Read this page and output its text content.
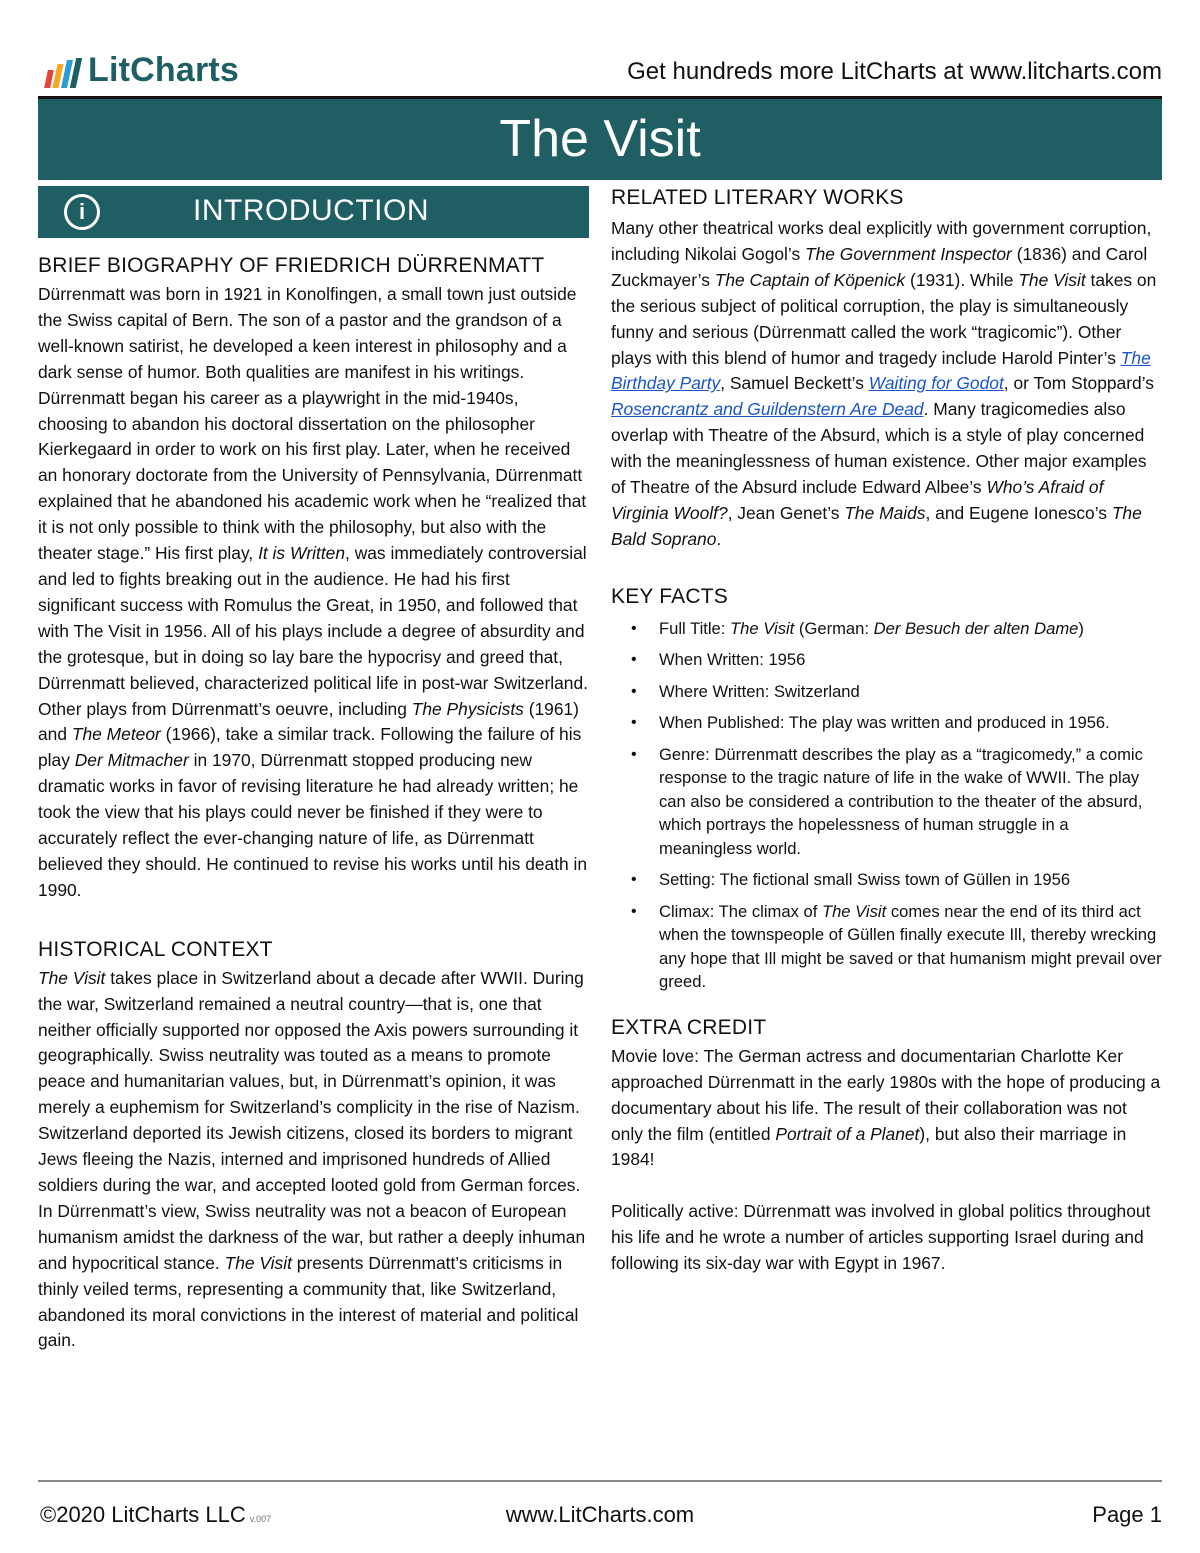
LitCharts	Get hundreds more LitCharts at www.litcharts.com
The Visit
i	INTRODUCTION
BRIEF BIOGRAPHY OF FRIEDRICH DÜRRENMATT

Dürrenmatt was born in 1921 in Konolfingen, a small town just outside the Swiss capital of Bern. The son of a pastor and the grandson of a well-known satirist, he developed a keen interest in philosophy and a dark sense of humor. Both qualities are manifest in his writings. Dürrenmatt began his career as a playwright in the mid-1940s, choosing to abandon his doctoral dissertation on the philosopher Kierkegaard in order to work on his first play. Later, when he received an honorary doctorate from the University of Pennsylvania, Dürrenmatt explained that he abandoned his academic work when he “realized that it is not only possible to think with the philosophy, but also with the theater stage.” His first play, It is Written, was immediately controversial and led to fights breaking out in the audience. He had his first significant success with Romulus the Great, in 1950, and followed that with The Visit in 1956. All of his plays include a degree of absurdity and the grotesque, but in doing so lay bare the hypocrisy and greed that, Dürrenmatt believed, characterized political life in post-war Switzerland. Other plays from Dürrenmatt’s oeuvre, including The Physicists (1961) and The Meteor (1966), take a similar track. Following the failure of his play Der Mitmacher in 1970, Dürrenmatt stopped producing new dramatic works in favor of revising literature he had already written; he took the view that his plays could never be finished if they were to accurately reflect the ever-changing nature of life, as Dürrenmatt believed they should. He continued to revise his works until his death in 1990.

HISTORICAL CONTEXT

The Visit takes place in Switzerland about a decade after WWII. During the war, Switzerland remained a neutral country—that is, one that neither officially supported nor opposed the Axis powers surrounding it geographically. Swiss neutrality was touted as a means to promote peace and humanitarian values, but, in Dürrenmatt’s opinion, it was merely a euphemism for Switzerland’s complicity in the rise of Nazism. Switzerland deported its Jewish citizens, closed its borders to migrant Jews fleeing the Nazis, interned and imprisoned hundreds of Allied soldiers during the war, and accepted looted gold from German forces. In Dürrenmatt’s view, Swiss neutrality was not a beacon of European humanism amidst the darkness of the war, but rather a deeply inhuman and hypocritical stance. The Visit presents Dürrenmatt’s criticisms in thinly veiled terms, representing a community that, like Switzerland, abandoned its moral convictions in the interest of material and political gain.

RELATED LITERARY WORKS

Many other theatrical works deal explicitly with government corruption, including Nikolai Gogol’s The Government Inspector (1836) and Carol Zuckmayer’s The Captain of Köpenick (1931). While The Visit takes on the serious subject of political corruption, the play is simultaneously funny and serious (Dürrenmatt called the work “tragicomic”). Other plays with this blend of humor and tragedy include Harold Pinter’s The Birthday Party, Samuel Beckett’s Waiting for Godot, or Tom Stoppard’s Rosencrantz and Guildenstern Are Dead. Many tragicomedies also overlap with Theatre of the Absurd, which is a style of play concerned with the meaninglessness of human existence. Other major examples of Theatre of the Absurd include Edward Albee’s Who’s Afraid of Virginia Woolf?, Jean Genet’s The Maids, and Eugene Ionesco’s The Bald Soprano.

KEY FACTS
• Full Title: The Visit (German: Der Besuch der alten Dame)
• When Written: 1956
• Where Written: Switzerland
• When Published: The play was written and produced in 1956.
• Genre: Dürrenmatt describes the play as a “tragicomedy,” a comic response to the tragic nature of life in the wake of WWII. The play can also be considered a contribution to the theater of the absurd, which portrays the hopelessness of human struggle in a meaningless world.
• Setting: The fictional small Swiss town of Güllen in 1956
• Climax: The climax of The Visit comes near the end of its third act when the townspeople of Güllen finally execute Ill, thereby wrecking any hope that Ill might be saved or that humanism might prevail over greed.
EXTRA CREDIT

Movie love: The German actress and documentarian Charlotte Ker approached Dürrenmatt in the early 1980s with the hope of producing a documentary about his life. The result of their collaboration was not only the film (entitled Portrait of a Planet), but also their marriage in 1984!

Politically active: Dürrenmatt was involved in global politics throughout his life and he wrote a number of articles supporting Israel during and following its six-day war with Egypt in 1967.

©2020 LitCharts LLC v.007	www.LitCharts.com	Page 1
